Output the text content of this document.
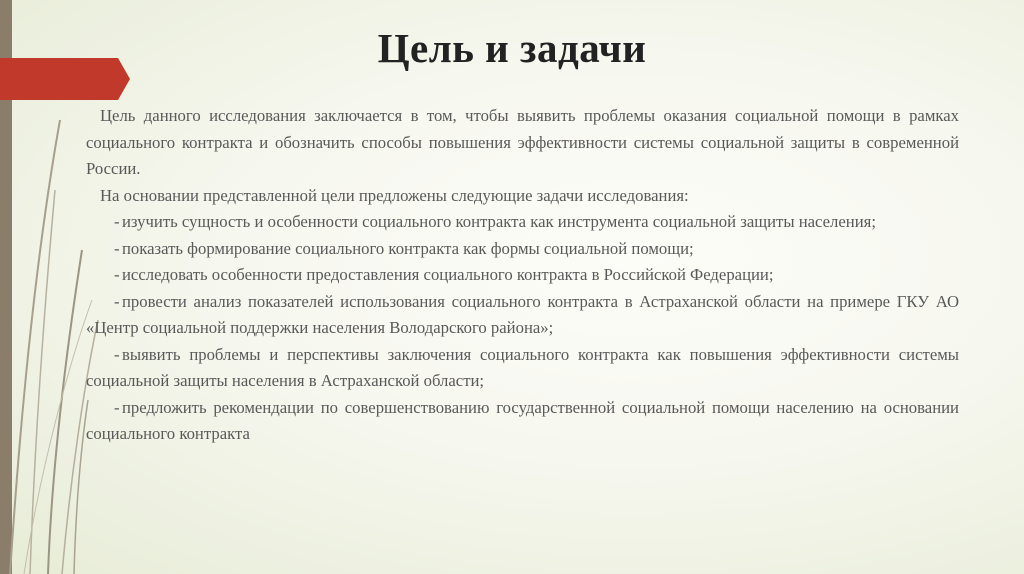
Цель и задачи

Цель данного исследования заключается в том, чтобы выявить проблемы оказания социальной помощи в рамках социального контракта и обозначить способы повышения эффективности системы социальной защиты в современной России.

На основании представленной цели предложены следующие задачи исследования:

- изучить сущность и особенности социального контракта как инструмента социальной защиты населения;

- показать формирование социального контракта как формы социальной помощи;

- исследовать особенности предоставления социального контракта в Российской Федерации;

- провести анализ показателей использования социального контракта в Астраханской области на примере ГКУ АО «Центр социальной поддержки населения Володарского района»;

- выявить проблемы и перспективы заключения социального контракта как повышения эффективности системы социальной защиты населения в Астраханской области;

- предложить рекомендации по совершенствованию государственной социальной помощи населению на основании социального контракта
